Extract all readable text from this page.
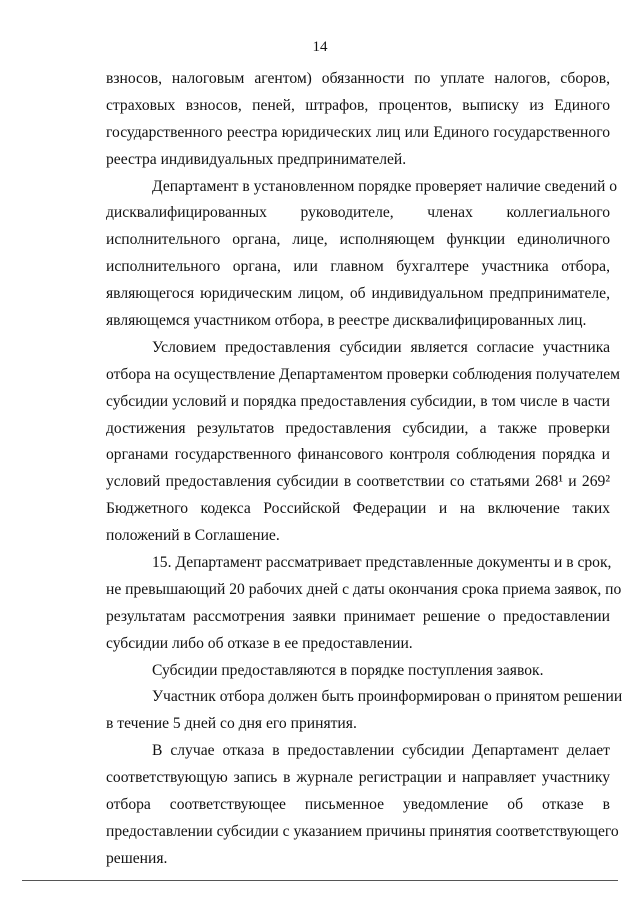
14
взносов, налоговым агентом) обязанности по уплате налогов, сборов,
страховых взносов, пеней, штрафов, процентов, выписку из Единого
государственного реестра юридических лиц или Единого государственного
реестра индивидуальных предпринимателей.
Департамент в установленном порядке проверяет наличие сведений о
дисквалифицированных руководителе, членах коллегиального
исполнительного органа, лице, исполняющем функции единоличного
исполнительного органа, или главном бухгалтере участника отбора,
являющегося юридическим лицом, об индивидуальном предпринимателе,
являющемся участником отбора, в реестре дисквалифицированных лиц.
Условием предоставления субсидии является согласие участника
отбора на осуществление Департаментом проверки соблюдения получателем
субсидии условий и порядка предоставления субсидии, в том числе в части
достижения результатов предоставления субсидии, а также проверки
органами государственного финансового контроля соблюдения порядка и
условий предоставления субсидии в соответствии со статьями 268¹ и 269²
Бюджетного кодекса Российской Федерации и на включение таких
положений в Соглашение.
15. Департамент рассматривает представленные документы и в срок,
не превышающий 20 рабочих дней с даты окончания срока приема заявок, по
результатам рассмотрения заявки принимает решение о предоставлении
субсидии либо об отказе в ее предоставлении.
Субсидии предоставляются в порядке поступления заявок.
Участник отбора должен быть проинформирован о принятом решении
в течение 5 дней со дня его принятия.
В случае отказа в предоставлении субсидии Департамент делает
соответствующую запись в журнале регистрации и направляет участнику
отбора соответствующее письменное уведомление об отказе в
предоставлении субсидии с указанием причины принятия соответствующего
решения.
